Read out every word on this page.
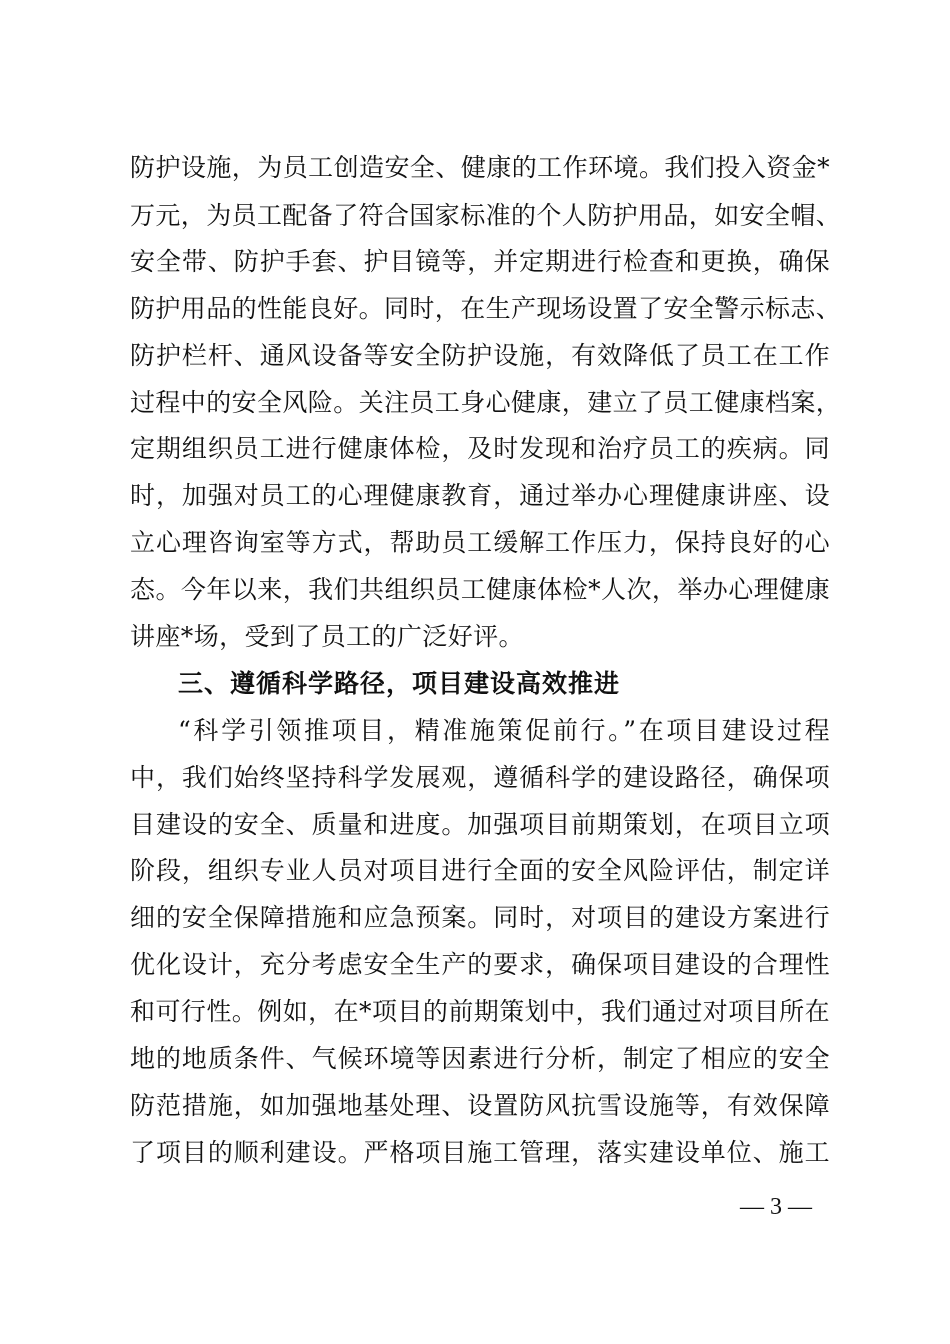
防护设施，为员工创造安全、健康的工作环境。我们投入资金*
万元，为员工配备了符合国家标准的个人防护用品，如安全帽、
安全带、防护手套、护目镜等，并定期进行检查和更换，确保
防护用品的性能良好。同时，在生产现场设置了安全警示标志、
防护栏杆、通风设备等安全防护设施，有效降低了员工在工作
过程中的安全风险。关注员工身心健康，建立了员工健康档案，
定期组织员工进行健康体检，及时发现和治疗员工的疾病。同
时，加强对员工的心理健康教育，通过举办心理健康讲座、设
立心理咨询室等方式，帮助员工缓解工作压力，保持良好的心
态。今年以来，我们共组织员工健康体检*人次，举办心理健康
讲座*场，受到了员工的广泛好评。
三、遵循科学路径，项目建设高效推进
“科学引领推项目，精准施策促前行。”在项目建设过程
中，我们始终坚持科学发展观，遵循科学的建设路径，确保项
目建设的安全、质量和进度。加强项目前期策划，在项目立项
阶段，组织专业人员对项目进行全面的安全风险评估，制定详
细的安全保障措施和应急预案。同时，对项目的建设方案进行
优化设计，充分考虑安全生产的要求，确保项目建设的合理性
和可行性。例如，在*项目的前期策划中，我们通过对项目所在
地的地质条件、气候环境等因素进行分析，制定了相应的安全
防范措施，如加强地基处理、设置防风抗雪设施等，有效保障
了项目的顺利建设。严格项目施工管理，落实建设单位、施工
— 3 —
